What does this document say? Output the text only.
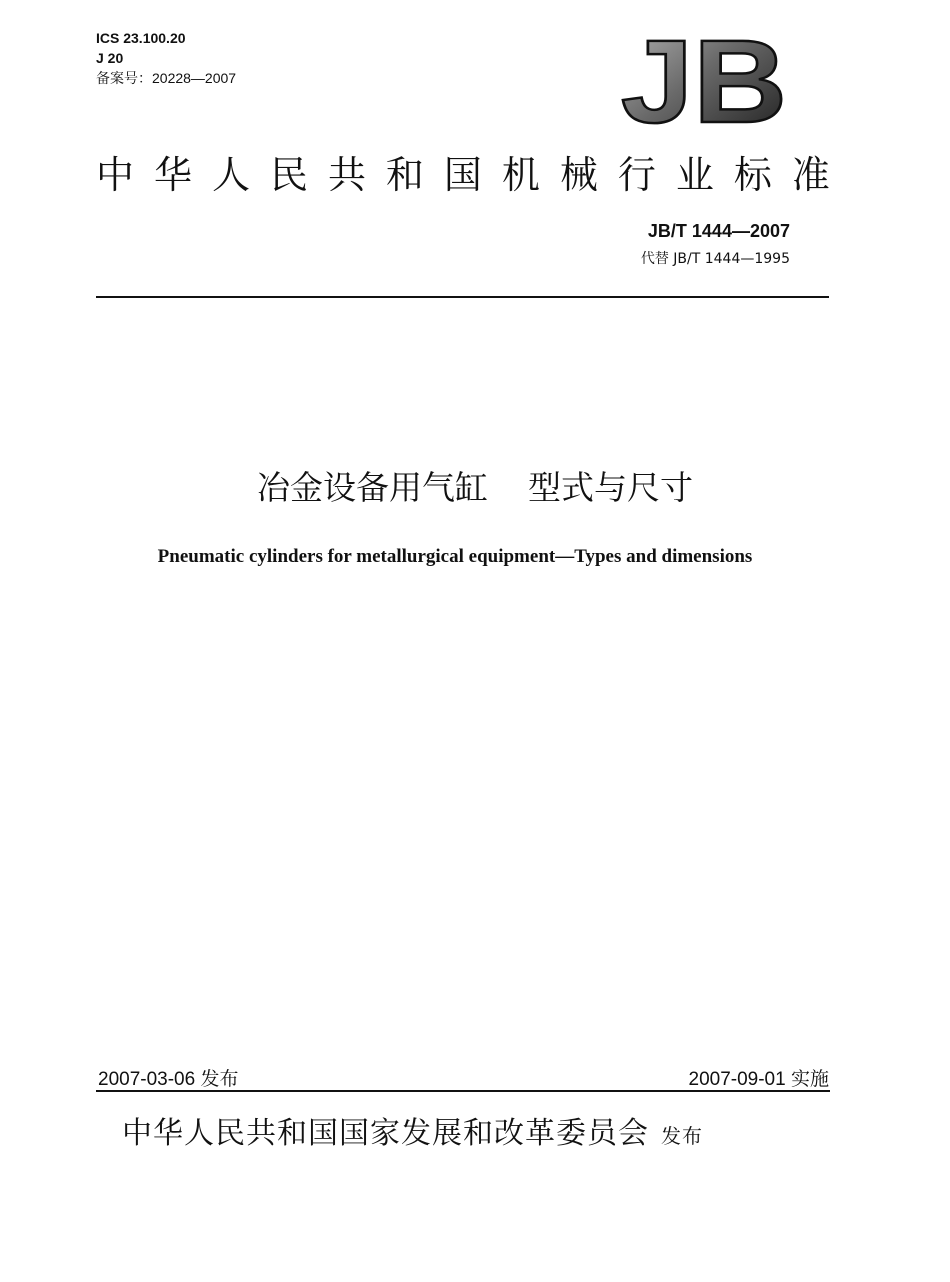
ICS 23.100.20
J 20
备案号：20228—2007	JB
中 华 人 民 共 和 国 机 械 行 业 标 准
JB/T 1444—2007
代替 JB/T 1444—1995
冶金设备用气缸 型式与尺寸
Pneumatic cylinders for metallurgical equipment—Types and dimensions
2007-03-06 发布	2007-09-01 实施
中华人民共和国国家发展和改革委员会 发布
